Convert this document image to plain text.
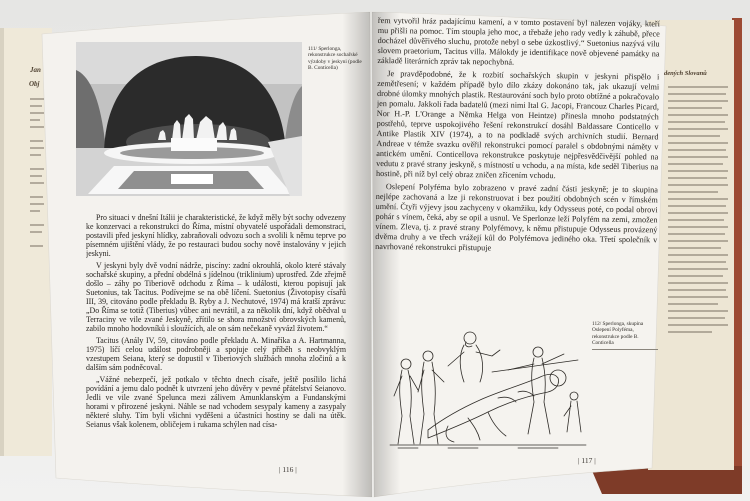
Jan
Obj
dených Slovanů
111/ Sperlonga, rekonstrukce sochařské výzdoby v jeskyni (podle B. Conticella)

Pro situaci v dnešní Itálii je charakteristické, že když měly být sochy odvezeny ke konzervaci a rekonstrukci do Říma, místní obyvatelé uspořádali demonstraci, postavili před jeskyní hlídky, zabraňovali odvozu soch a svolili k němu teprve po písemném ujištění vlády, že po restauraci budou sochy nově instalovány v jejich jeskyni.

V jeskyni byly dvě vodní nádrže, piscíny: zadní okrouhlá, okolo které stávaly sochařské skupiny, a přední obdélná s jídelnou (triklinium) uprostřed. Zde zřejmě došlo – záhy po Tiberiově odchodu z Říma – k události, kterou popisují jak Suetonius, tak Tacitus. Podívejme se na obě líčení. Suetonius (Životopisy císařů III, 39, citováno podle překladu B. Ryby a J. Nechutové, 1974) má kratší zprávu: „Do Říma se totiž (Tiberius) vůbec ani nevrátil, a za několik dní, když obědval u Terraciny ve vile zvané Jeskyně, zřítilo se shora množství obrovských kamenů, zabilo mnoho hodovníků i sloužících, ale on sám nečekaně vyvázl životem.“

Tacitus (Anály IV, 59, citováno podle překladu A. Minaříka a A. Hartmanna, 1975) líčí celou událost podrobněji a spojuje celý příběh s neobvyklým vzestupem Seiana, který se dopustil v Tiberiových službách mnoha zločinů a k dalším sám podněcoval.

„Vážné nebezpečí, jež potkalo v těchto dnech císaře, ještě posílilo lichá povídání a jemu dalo podnět k utvrzení jeho důvěry v pevné přátelství Seianovo. Jedli ve vile zvané Spelunca mezi zálivem Amunklanským a Fundanskými horami v přirozené jeskyni. Náhle se nad vchodem sesypaly kameny a zasypaly některé sluhy. Tím byli všichni vyděšeni a účastníci hostiny se dali na útěk. Seianus však kolenem, obličejem i rukama schýlen nad císa-

| 116 |

řem vytvořil hráz padajícímu kamení, a v tomto postavení byl nalezen vojáky, kteří mu přišli na pomoc. Tím stoupla jeho moc, a třebaže jeho rady vedly k záhubě, přece docházel důvěřivého sluchu, protože nebyl o sebe úzkostlivý.“ Suetonius nazývá vilu slovem praetorium, Tacitus villa. Málokdy je identifikace nově objevené památky na základě literárních zpráv tak nepochybná.

Je pravděpodobné, že k rozbití sochařských skupin v jeskyni přispělo i zemětřesení; v každém případě bylo dílo zkázy dokonáno tak, jak ukazují velmi drobné úlomky mnohých plastik. Restaurování soch bylo proto obtížné a pokračovalo jen pomalu. Jakkoli řada badatelů (mezi nimi Ital G. Jacopi, Francouz Charles Picard, Nor H.-P. L'Orange a Němka Helga von Heintze) přinesla mnoho podstatných postřehů, teprve uspokojivého řešení rekonstrukcí dosáhl Baldassare Conticello v Antike Plastik XIV (1974), a to na podkladě svých archivních studií. Bernard Andreae v témže svazku ověřil rekonstrukci pomocí paralel s obdobnými náměty v antickém umění. Conticellova rekonstrukce poskytuje nejpřesvědčivější pohled na vedutu z pravé strany jeskyně, s místností u vchodu, a na místa, kde seděl Tiberius na hostině, při níž byl celý obraz zničen zřícením vchodu.

Oslepení Polyféma bylo zobrazeno v pravé zadní části jeskyně; je to skupina nejlépe zachovaná a lze ji rekonstruovat i bez použití obdobných scén v římském umění. Čtyři výjevy jsou zachyceny v okamžiku, kdy Odysseus poté, co podal obrovi pohár s vínem, čeká, aby se opil a usnul. Ve Sperlonze leží Polyfém na zemi, zmožen vínem. Zleva, tj. z pravé strany Polyfémovy, k němu přistupuje Odysseus provázený dvěma druhy a ve třech vrážejí kůl do Polyfémova jediného oka. Třetí společník v navrhované rekonstrukci přistupuje

112/ Sperlonga, skupina Oslepení Polyféma, rekonstrukce podle B. Conticella
| 117 |
